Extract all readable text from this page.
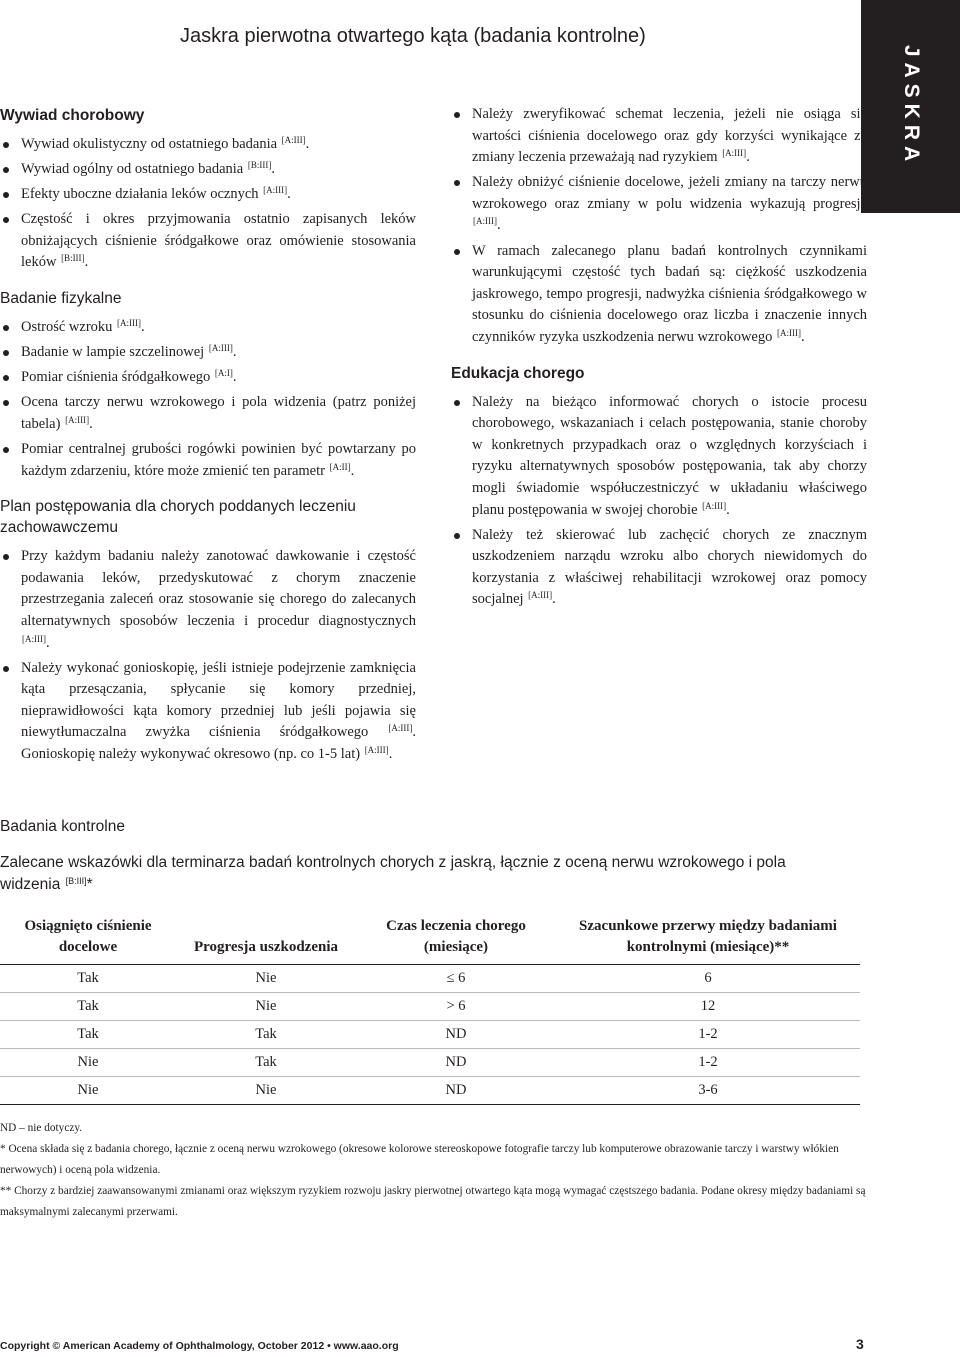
Jaskra pierwotna otwartego kąta (badania kontrolne)
JASKRA
Wywiad chorobowy
Wywiad okulistyczny od ostatniego badania [A:III].
Wywiad ogólny od ostatniego badania [B:III].
Efekty uboczne działania leków ocznych [A:III].
Częstość i okres przyjmowania ostatnio zapisanych leków obniżających ciśnienie śródgałkowe oraz omówienie stosowania leków [B:III].
Badanie fizykalne
Ostrość wzroku [A:III].
Badanie w lampie szczelinowej [A:III].
Pomiar ciśnienia śródgałkowego [A:I].
Ocena tarczy nerwu wzrokowego i pola widzenia (patrz poniżej tabela) [A:III].
Pomiar centralnej grubości rogówki powinien być powtarzany po każdym zdarzeniu, które może zmienić ten parametr [A:II].
Plan postępowania dla chorych poddanych leczeniu zachowawczemu
Przy każdym badaniu należy zanotować dawkowanie i częstość podawania leków, przedyskutować z chorym znaczenie przestrzegania zaleceń oraz stosowanie się chorego do zalecanych alternatywnych sposobów leczenia i procedur diagnostycznych [A:III].
Należy wykonać gonioskopię, jeśli istnieje podejrzenie zamknięcia kąta przesączania, spłycanie się komory przedniej, nieprawidłowości kąta komory przedniej lub jeśli pojawia się niewytłumaczalna zwyżka ciśnienia śródgałkowego [A:III]. Gonioskopię należy wykonywać okresowo (np. co 1-5 lat) [A:III].
Należy zweryfikować schemat leczenia, jeżeli nie osiąga się wartości ciśnienia docelowego oraz gdy korzyści wynikające ze zmiany leczenia przeważają nad ryzykiem [A:III].
Należy obniżyć ciśnienie docelowe, jeżeli zmiany na tarczy nerwu wzrokowego oraz zmiany w polu widzenia wykazują progresję [A:III].
W ramach zalecanego planu badań kontrolnych czynnikami warunkującymi częstość tych badań są: ciężkość uszkodzenia jaskrowego, tempo progresji, nadwyżka ciśnienia śródgałkowego w stosunku do ciśnienia docelowego oraz liczba i znaczenie innych czynników ryzyka uszkodzenia nerwu wzrokowego [A:III].
Edukacja chorego
Należy na bieżąco informować chorych o istocie procesu chorobowego, wskazaniach i celach postępowania, stanie choroby w konkretnych przypadkach oraz o względnych korzyściach i ryzyku alternatywnych sposobów postępowania, tak aby chorzy mogli świadomie współuczestniczyć w układaniu właściwego planu postępowania w swojej chorobie [A:III].
Należy też skierować lub zachęcić chorych ze znacznym uszkodzeniem narządu wzroku albo chorych niewidomych do korzystania z właściwej rehabilitacji wzrokowej oraz pomocy socjalnej [A:III].
Badania kontrolne

Zalecane wskazówki dla terminarza badań kontrolnych chorych z jaskrą, łącznie z oceną nerwu wzrokowego i pola widzenia [B:III]*

Osiągnięto ciśnienie docelowe	Progresja uszkodzenia	Czas leczenia chorego (miesiące)	Szacunkowe przerwy między badaniami kontrolnymi (miesiące)**
Tak	Nie	≤ 6	6
Tak	Nie	> 6	12
Tak	Tak	ND	1-2
Nie	Tak	ND	1-2
Nie	Nie	ND	3-6

ND – nie dotyczy.

* Ocena składa się z badania chorego, łącznie z oceną nerwu wzrokowego (okresowe kolorowe stereoskopowe fotografie tarczy lub komputerowe obrazowanie tarczy i warstwy włókien nerwowych) i oceną pola widzenia.

** Chorzy z bardziej zaawansowanymi zmianami oraz większym ryzykiem rozwoju jaskry pierwotnej otwartego kąta mogą wymagać częstszego badania. Podane okresy między badaniami są maksymalnymi zalecanymi przerwami.

Copyright © American Academy of Ophthalmology, October 2012 • www.aao.org	3
